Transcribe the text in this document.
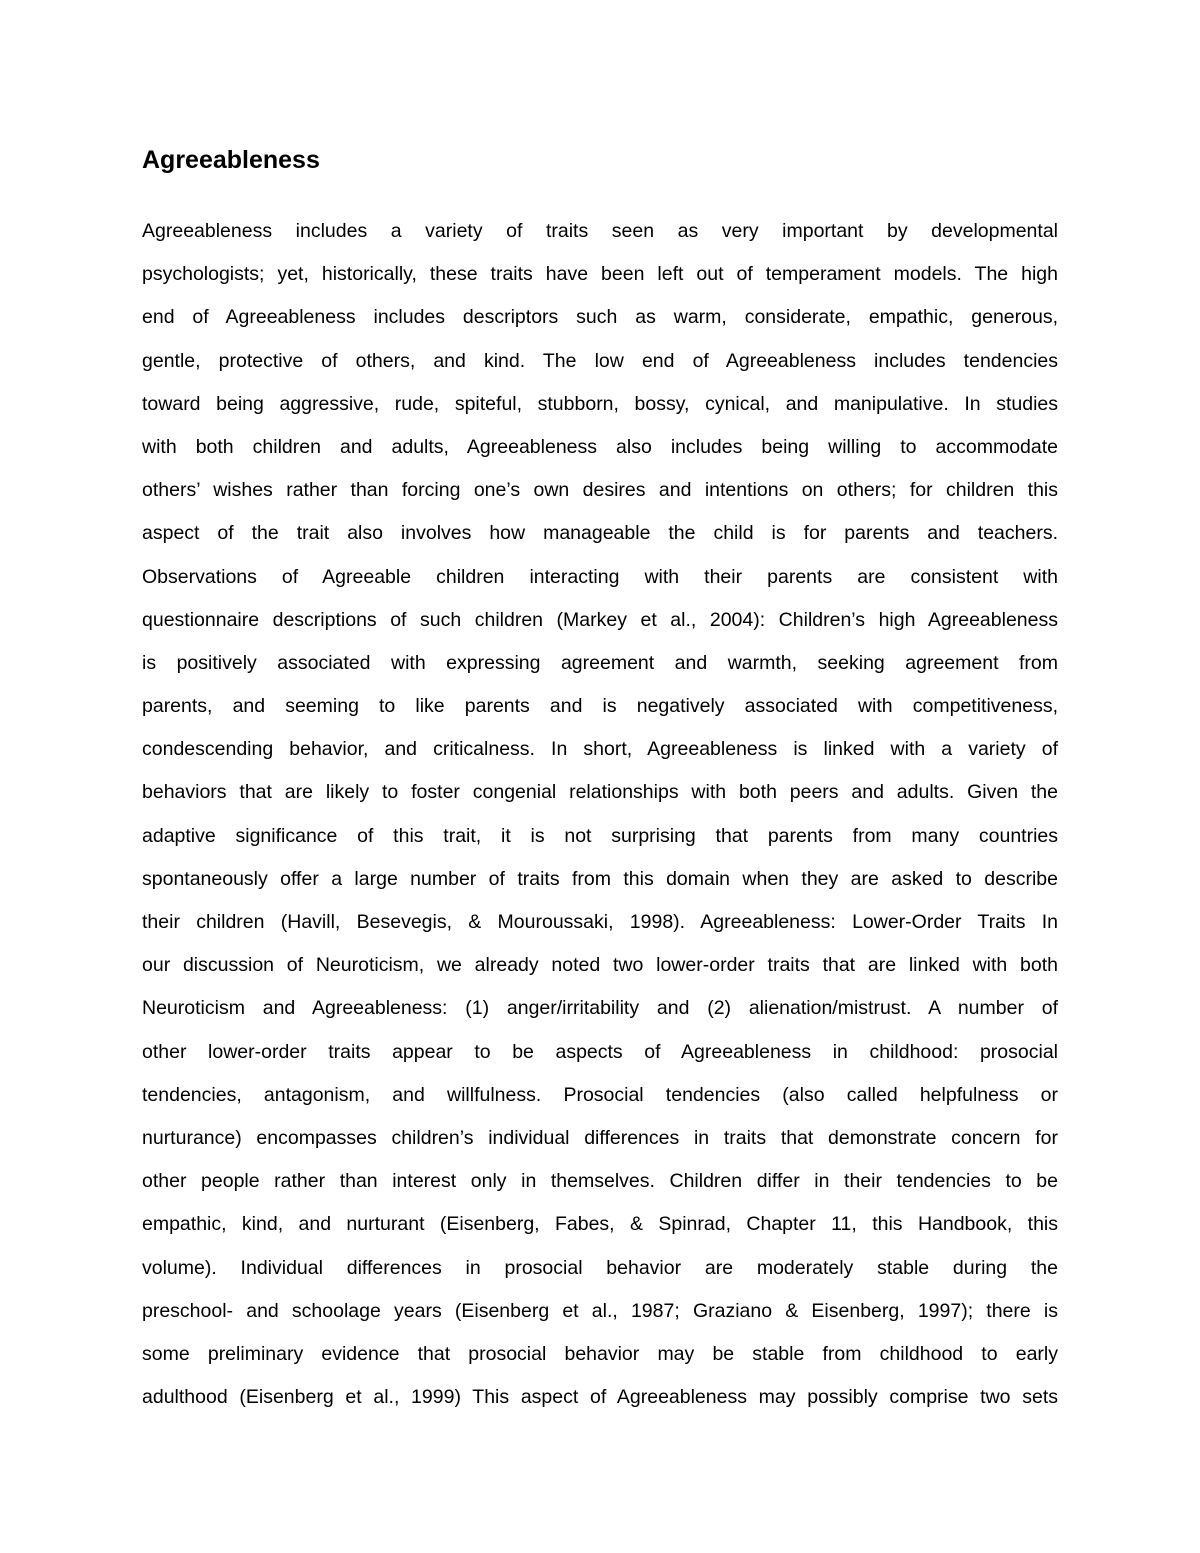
Agreeableness
Agreeableness includes a variety of traits seen as very important by developmental
psychologists; yet, historically, these traits have been left out of temperament models. The high
end of Agreeableness includes descriptors such as warm, considerate, empathic, generous,
gentle, protective of others, and kind. The low end of Agreeableness includes tendencies
toward being aggressive, rude, spiteful, stubborn, bossy, cynical, and manipulative. In studies
with both children and adults, Agreeableness also includes being willing to accommodate
others’ wishes rather than forcing one’s own desires and intentions on others; for children this
aspect of the trait also involves how manageable the child is for parents and teachers.
Observations of Agreeable children interacting with their parents are consistent with
questionnaire descriptions of such children (Markey et al., 2004): Children’s high Agreeableness
is positively associated with expressing agreement and warmth, seeking agreement from
parents, and seeming to like parents and is negatively associated with competitiveness,
condescending behavior, and criticalness. In short, Agreeableness is linked with a variety of
behaviors that are likely to foster congenial relationships with both peers and adults. Given the
adaptive significance of this trait, it is not surprising that parents from many countries
spontaneously offer a large number of traits from this domain when they are asked to describe
their children (Havill, Besevegis, & Mouroussaki, 1998). Agreeableness: Lower-Order Traits In
our discussion of Neuroticism, we already noted two lower-order traits that are linked with both
Neuroticism and Agreeableness: (1) anger/irritability and (2) alienation/mistrust. A number of
other lower-order traits appear to be aspects of Agreeableness in childhood: prosocial
tendencies, antagonism, and willfulness. Prosocial tendencies (also called helpfulness or
nurturance) encompasses children’s individual differences in traits that demonstrate concern for
other people rather than interest only in themselves. Children differ in their tendencies to be
empathic, kind, and nurturant (Eisenberg, Fabes, & Spinrad, Chapter 11, this Handbook, this
volume). Individual differences in prosocial behavior are moderately stable during the
preschool- and schoolage years (Eisenberg et al., 1987; Graziano & Eisenberg, 1997); there is
some preliminary evidence that prosocial behavior may be stable from childhood to early
adulthood (Eisenberg et al., 1999) This aspect of Agreeableness may possibly comprise two sets
